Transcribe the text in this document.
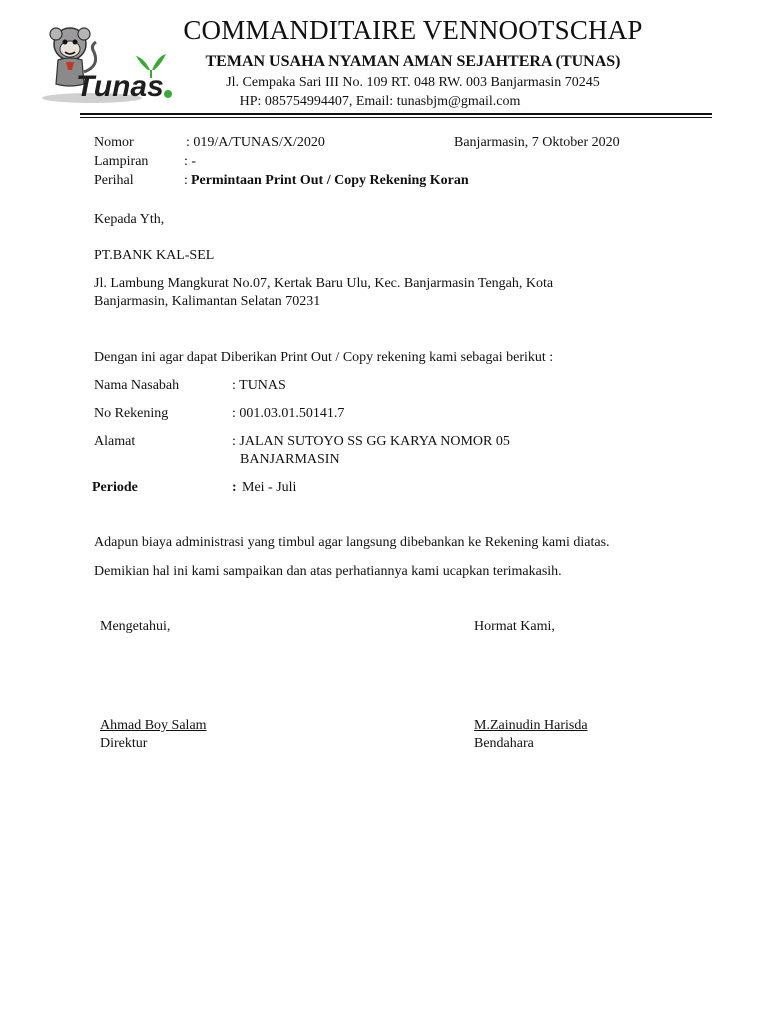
Tunas
COMMANDITAIRE VENNOOTSCHAP
TEMAN USAHA NYAMAN AMAN SEJAHTERA (TUNAS)
Jl. Cempaka Sari III No. 109 RT. 048 RW. 003 Banjarmasin 70245
HP: 085754994407, Email: tunasbjm@gmail.com
Nomor	: 019/A/TUNAS/X/2020	Banjarmasin, 7 Oktober 2020
Lampiran	: -
Perihal	: Permintaan Print Out / Copy Rekening Koran
Kepada Yth,
PT.BANK KAL-SEL
Jl. Lambung Mangkurat No.07, Kertak Baru Ulu, Kec. Banjarmasin Tengah, Kota
Banjarmasin, Kalimantan Selatan 70231
Dengan ini agar dapat Diberikan Print Out / Copy rekening kami sebagai berikut :
Nama Nasabah	: TUNAS
No Rekening	: 001.03.01.50141.7
Alamat	: JALAN SUTOYO SS GG KARYA NOMOR 05
BANJARMASIN
Periode	: Mei - Juli
Adapun biaya administrasi yang timbul agar langsung dibebankan ke Rekening kami diatas.
Demikian hal ini kami sampaikan dan atas perhatiannya kami ucapkan terimakasih.
Mengetahui,	Hormat Kami,
Ahmad Boy Salam
Direktur
M.Zainudin Harisda
Bendahara
